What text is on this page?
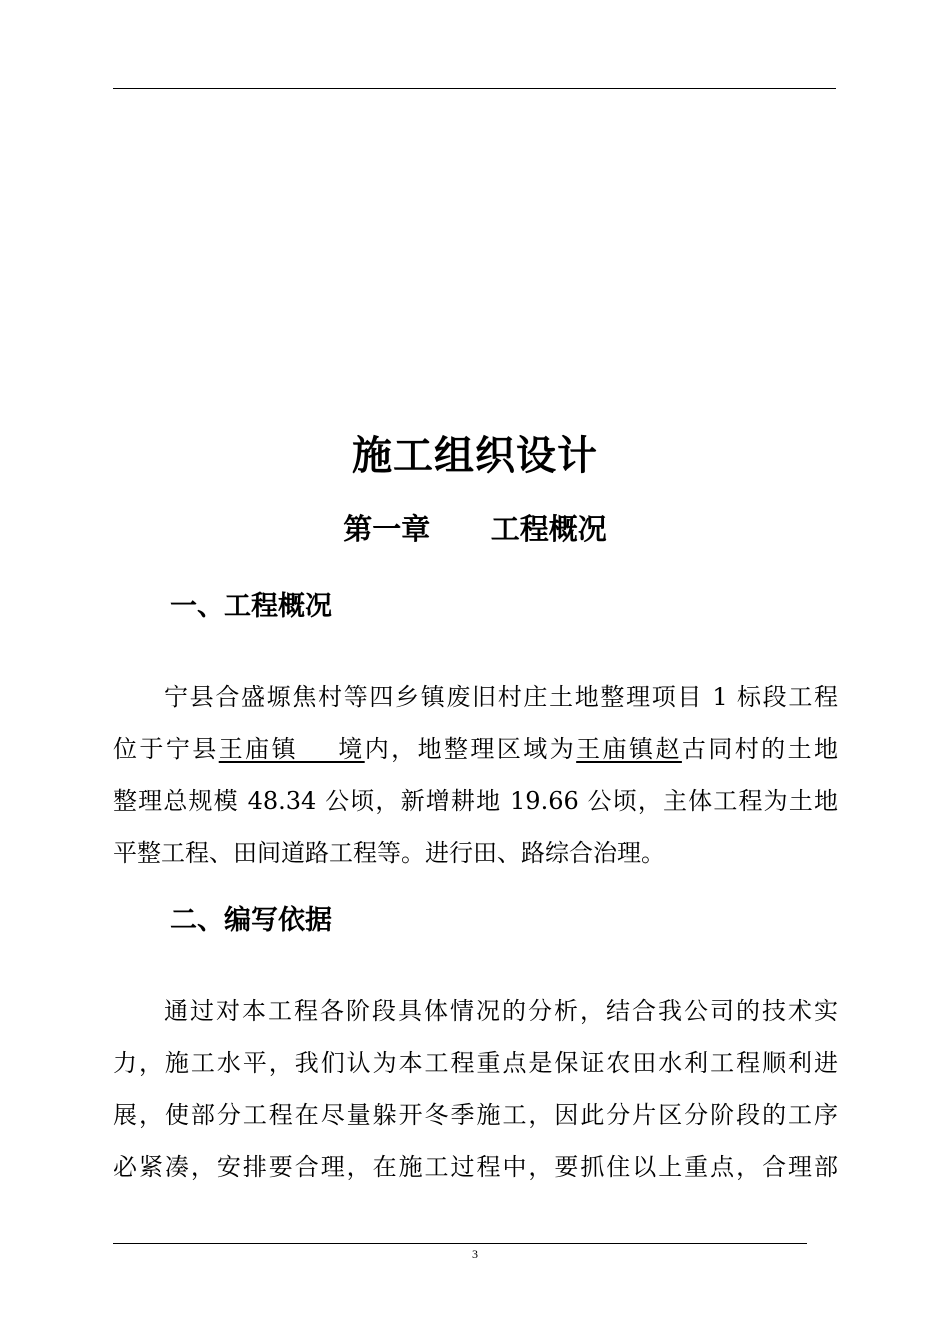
施工组织设计
第一章      工程概况
一、工程概况
宁县合盛塬焦村等四乡镇废旧村庄土地整理项目 1 标段工程
位于宁县王庙镇    境内，地整理区域为王庙镇赵古同村的土地
整理总规模 48.34 公顷，新增耕地 19.66 公顷，主体工程为土地
平整工程、田间道路工程等。进行田、路综合治理。
二、编写依据
通过对本工程各阶段具体情况的分析，结合我公司的技术实
力，施工水平，我们认为本工程重点是保证农田水利工程顺利进
展，使部分工程在尽量躲开冬季施工，因此分片区分阶段的工序
必紧凑，安排要合理，在施工过程中，要抓住以上重点，合理部
3
